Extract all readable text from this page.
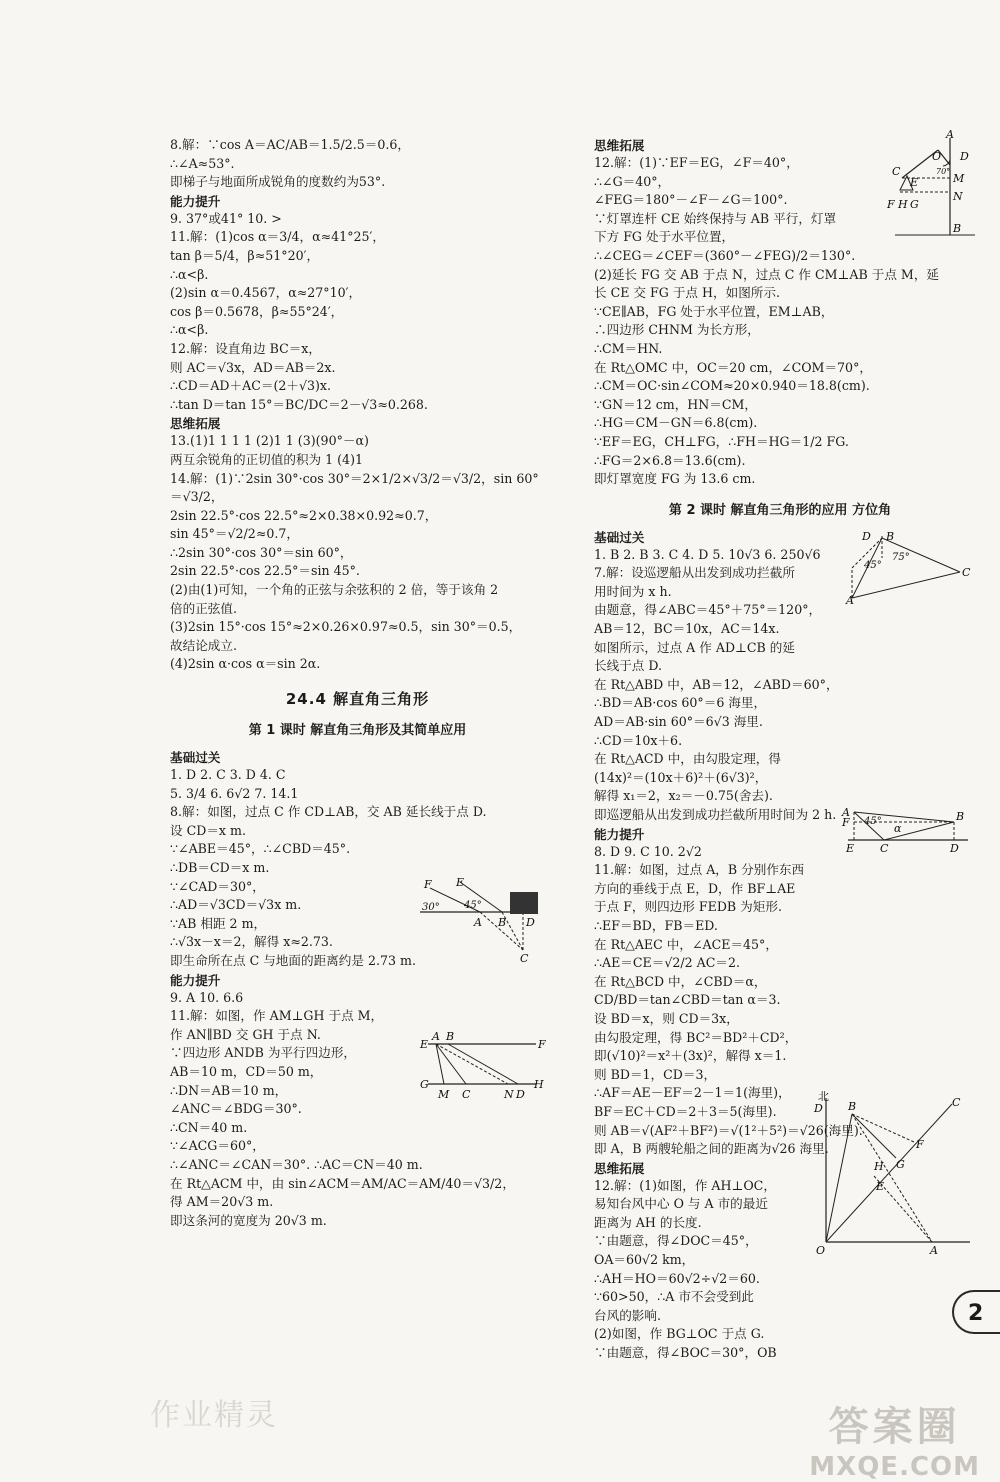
8.解：∵cos A＝AC/AB＝1.5/2.5＝0.6，
∴∠A≈53°.
即梯子与地面所成锐角的度数约为53°.
能力提升
9. 37°或41° 10. >
11.解：(1)cos α＝3/4，α≈41°25′，
tan β＝5/4，β≈51°20′，
∴α<β.
(2)sin α＝0.4567，α≈27°10′，
cos β＝0.5678，β≈55°24′，
∴α<β.
12.解：设直角边 BC＝x，
则 AC＝√3x，AD＝AB＝2x.
∴CD＝AD＋AC＝(2＋√3)x.
∴tan D＝tan 15°＝BC/DC＝2－√3≈0.268.
思维拓展
13.(1)1 1 1 1 (2)1 1 (3)(90°－α)
两互余锐角的正切值的积为 1 (4)1
14.解：(1)∵2sin 30°·cos 30°＝2×1/2×√3/2＝√3/2，sin 60°
＝√3/2，
2sin 22.5°·cos 22.5°≈2×0.38×0.92≈0.7，
sin 45°＝√2/2≈0.7，
∴2sin 30°·cos 30°＝sin 60°，
2sin 22.5°·cos 22.5°＝sin 45°.
(2)由(1)可知，一个角的正弦与余弦积的 2 倍，等于该角 2
倍的正弦值.
(3)2sin 15°·cos 15°≈2×0.26×0.97≈0.5，sin 30°＝0.5，
故结论成立.
(4)2sin α·cos α＝sin 2α.
24.4 解直角三角形
第 1 课时 解直角三角形及其简单应用
基础过关
1. D 2. C 3. D 4. C
5. 3/4 6. 6√2 7. 14.1
8.解：如图，过点 C 作 CD⊥AB，交 AB 延长线于点 D.
设 CD＝x m.
∵∠ABE＝45°，∴∠CBD＝45°.
∴DB＝CD＝x m.
∵∠CAD＝30°，
∴AD＝√3CD＝√3x m.
∵AB 相距 2 m，
∴√3x－x＝2，解得 x≈2.73.
即生命所在点 C 与地面的距离约是 2.73 m.
能力提升
9. A 10. 6.6
11.解：如图，作 AM⊥GH 于点 M，
作 AN∥BD 交 GH 于点 N.
∵四边形 ANDB 为平行四边形，
AB＝10 m，CD＝50 m，
∴DN＝AB＝10 m，
∠ANC＝∠BDG＝30°.
∴CN＝40 m.
∵∠ACG＝60°，
∴∠ANC＝∠CAN＝30°. ∴AC＝CN＝40 m.
在 Rt△ACM 中，由 sin∠ACM＝AM/AC＝AM/40＝√3/2，
得 AM＝20√3 m.
即这条河的宽度为 20√3 m.
思维拓展
12.解：(1)∵EF＝EG，∠F＝40°，
∴∠G＝40°，
∠FEG＝180°－∠F－∠G＝100°.
∵灯罩连杆 CE 始终保持与 AB 平行，灯罩
下方 FG 处于水平位置，
∴∠CEG＝∠CEF＝(360°－∠FEG)/2＝130°.
(2)延长 FG 交 AB 于点 N，过点 C 作 CM⊥AB 于点 M，延
长 CE 交 FG 于点 H，如图所示.
∵CE∥AB，FG 处于水平位置，EM⊥AB，
∴四边形 CHNM 为长方形，
∴CM＝HN.
在 Rt△OMC 中，OC＝20 cm，∠COM＝70°，
∴CM＝OC·sin∠COM≈20×0.940＝18.8(cm).
∵GN＝12 cm，HN＝CM，
∴HG＝CM－GN＝6.8(cm).
∵EF＝EG，CH⊥FG，∴FH＝HG＝1/2 FG.
∴FG＝2×6.8＝13.6(cm).
即灯罩宽度 FG 为 13.6 cm.
第 2 课时 解直角三角形的应用 方位角
基础过关
1. B 2. B 3. C 4. D 5. 10√3 6. 250√6
7.解：设巡逻船从出发到成功拦截所
用时间为 x h.
由题意，得∠ABC＝45°＋75°＝120°，
AB＝12，BC＝10x，AC＝14x.
如图所示，过点 A 作 AD⊥CB 的延
长线于点 D.
在 Rt△ABD 中，AB＝12，∠ABD＝60°，
∴BD＝AB·cos 60°＝6 海里，
AD＝AB·sin 60°＝6√3 海里.
∴CD＝10x＋6.
在 Rt△ACD 中，由勾股定理，得
(14x)²＝(10x＋6)²＋(6√3)²，
解得 x₁＝2，x₂＝－0.75(舍去).
即巡逻船从出发到成功拦截所用时间为 2 h.
能力提升
8. D 9. C 10. 2√2
11.解：如图，过点 A，B 分别作东西
方向的垂线于点 E，D，作 BF⊥AE
于点 F，则四边形 FEDB 为矩形.
∴EF＝BD，FB＝ED.
在 Rt△AEC 中，∠ACE＝45°，
∴AE＝CE＝√2/2 AC＝2.
在 Rt△BCD 中，∠CBD＝α，
CD/BD＝tan∠CBD＝tan α＝3.
设 BD＝x，则 CD＝3x，
由勾股定理，得 BC²＝BD²＋CD²，
即(√10)²＝x²＋(3x)²，解得 x＝1.
则 BD＝1，CD＝3，
∴AF＝AE－EF＝2－1＝1(海里)，
BF＝EC＋CD＝2＋3＝5(海里).
则 AB＝√(AF²＋BF²)＝√(1²＋5²)＝√26(海里).
即 A，B 两艘轮船之间的距离为√26 海里.
思维拓展
12.解：(1)如图，作 AH⊥OC，
易知台风中心 O 与 A 市的最近
距离为 AH 的长度.
∵由题意，得∠DOC＝45°，
OA＝60√2 km，
∴AH＝HO＝60√2÷√2＝60.
∵60>50，∴A 市不会受到此
台风的影响.
(2)如图，作 BG⊥OC 于点 G.
∵由题意，得∠BOC＝30°，OB
A
C
O D
E	M
F H G
N
B
70°
D B
45°
75°
C
A
F E
30° 45°
A B D
C
E
A B
F
G
M C	N D
H
A
45°
F	B
α
E C	D
北
D B	C
F
H G
E
O	A
2
作业精灵	答案圈
MXQE.COM
